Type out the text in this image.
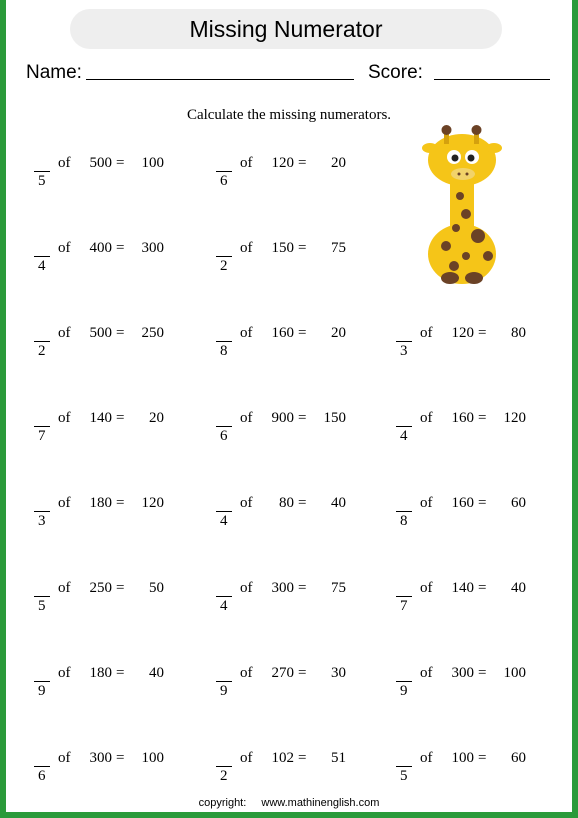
Missing Numerator
Name:	Score:
Calculate the missing numerators.
5
of	500 =	100
6
of	120 =	20
4
of	400 =	300
2
of	150 =	75
2
of	500 =	250
8
of	160 =	20
3
of	120 =	80
7
of	140 =	20
6
of	900 =	150
4
of	160 =	120
3
of	180 =	120
4
of	80 =	40
8
of	160 =	60
5
of	250 =	50
4
of	300 =	75
7
of	140 =	40
9
of	180 =	40
9
of	270 =	30
9
of	300 =	100
6
of	300 =	100
2
of	102 =	51
5
of	100 =	60
copyright: www.mathinenglish.com
